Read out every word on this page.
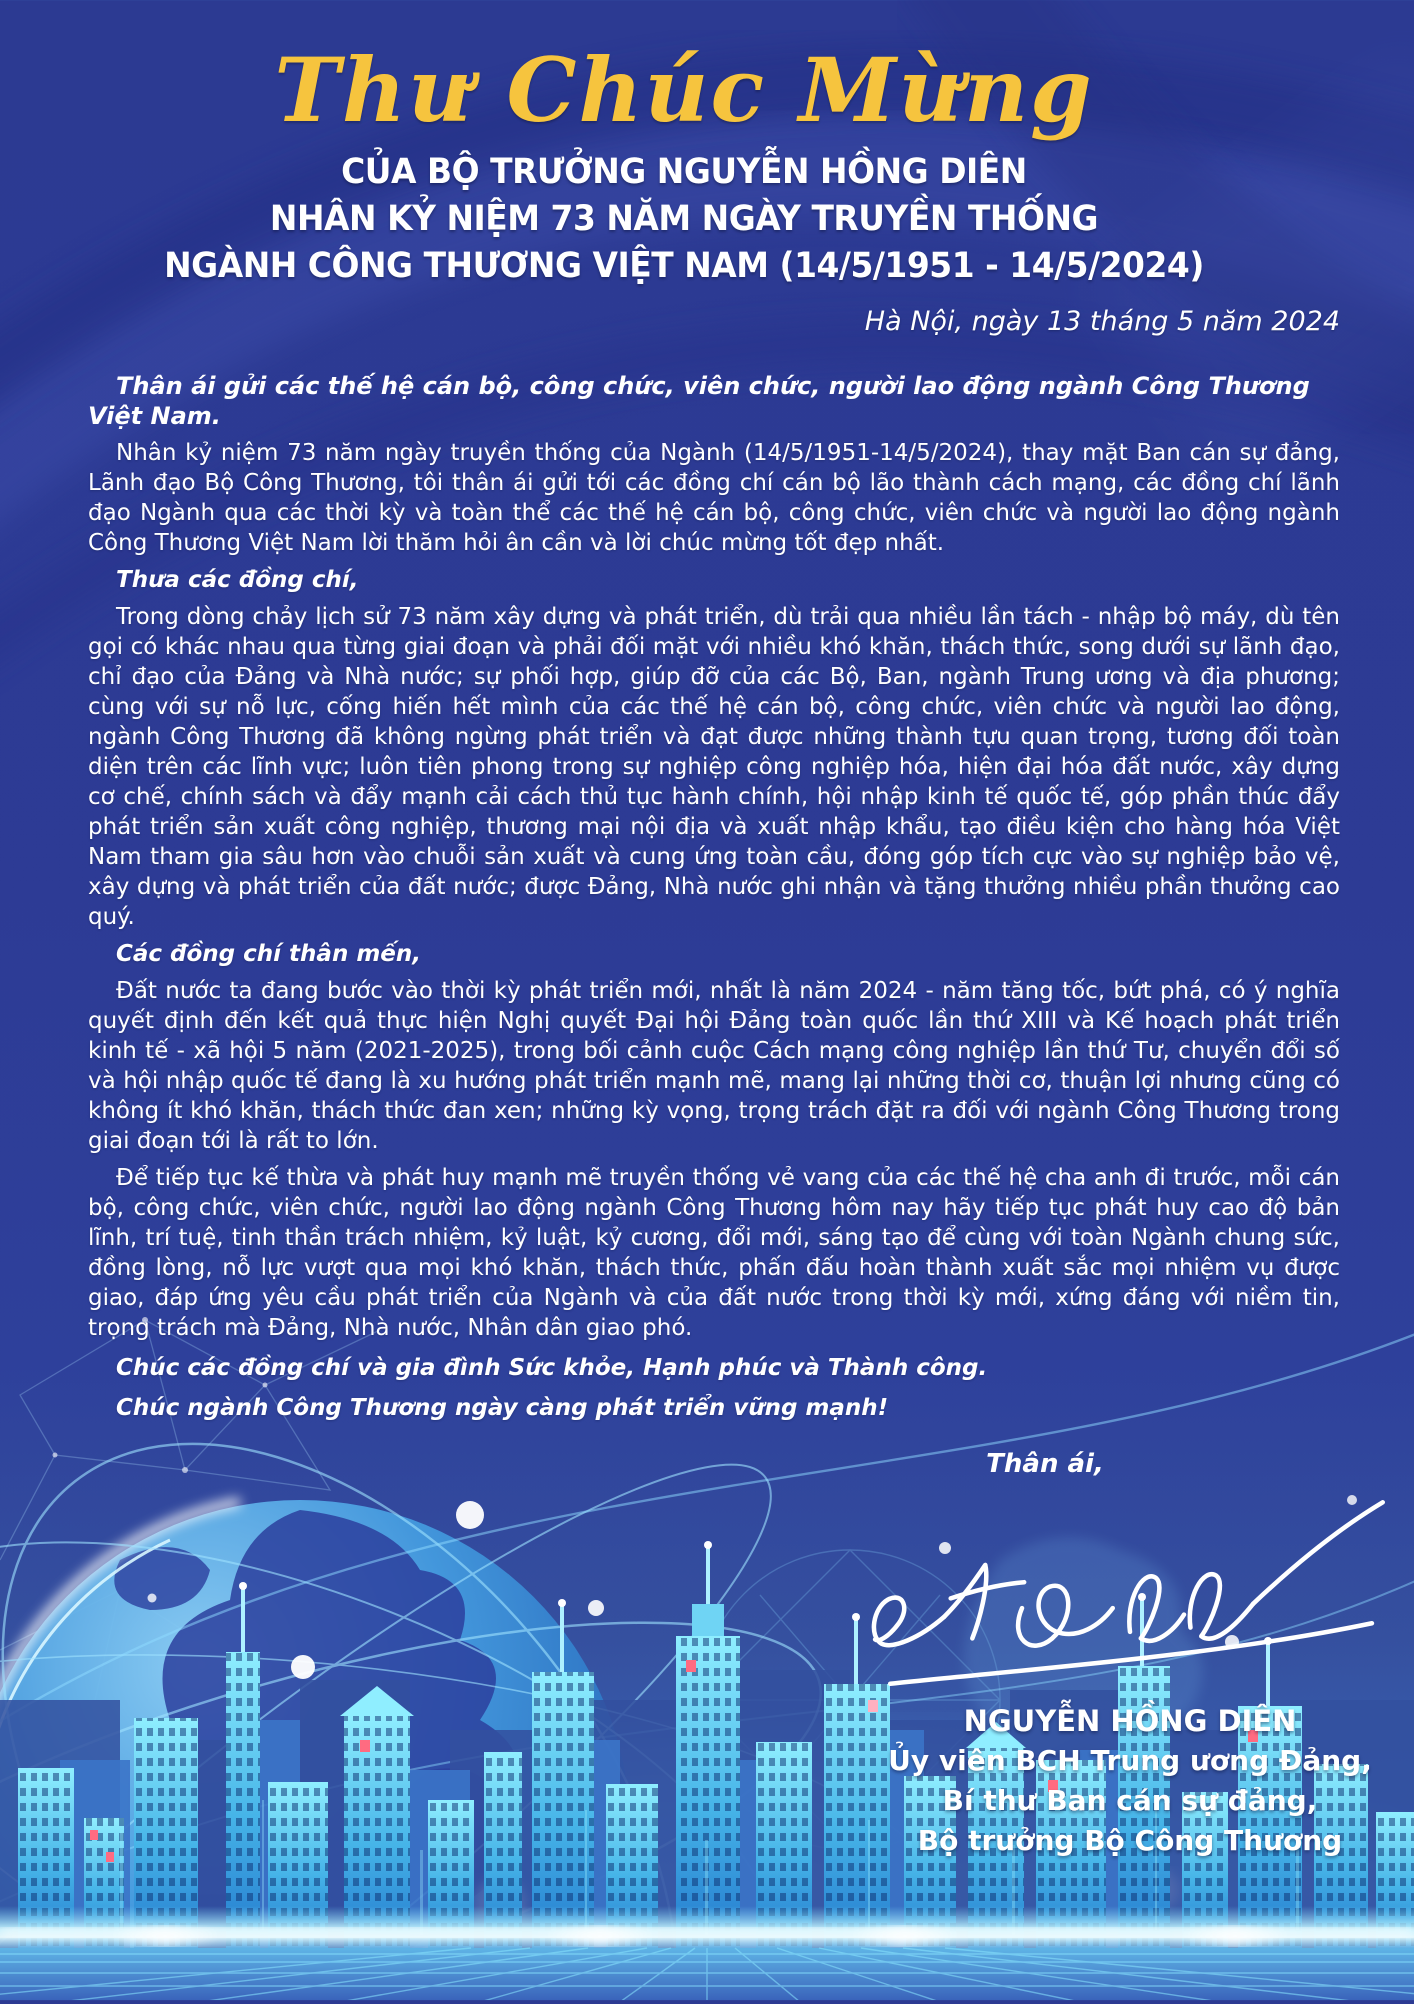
Thư Chúc Mừng
CỦA BỘ TRƯỞNG NGUYỄN HỒNG DIÊN
NHÂN KỶ NIỆM 73 NĂM NGÀY TRUYỀN THỐNG
NGÀNH CÔNG THƯƠNG VIỆT NAM (14/5/1951 - 14/5/2024)
Hà Nội, ngày 13 tháng 5 năm 2024
Thân ái gửi các thế hệ cán bộ, công chức, viên chức, người lao động ngành Công Thương Việt Nam.

Nhân kỷ niệm 73 năm ngày truyền thống của Ngành (14/5/1951-14/5/2024), thay mặt Ban cán sự đảng, Lãnh đạo Bộ Công Thương, tôi thân ái gửi tới các đồng chí cán bộ lão thành cách mạng, các đồng chí lãnh đạo Ngành qua các thời kỳ và toàn thể các thế hệ cán bộ, công chức, viên chức và người lao động ngành Công Thương Việt Nam lời thăm hỏi ân cần và lời chúc mừng tốt đẹp nhất.

Thưa các đồng chí,

Trong dòng chảy lịch sử 73 năm xây dựng và phát triển, dù trải qua nhiều lần tách - nhập bộ máy, dù tên gọi có khác nhau qua từng giai đoạn và phải đối mặt với nhiều khó khăn, thách thức, song dưới sự lãnh đạo, chỉ đạo của Đảng và Nhà nước; sự phối hợp, giúp đỡ của các Bộ, Ban, ngành Trung ương và địa phương; cùng với sự nỗ lực, cống hiến hết mình của các thế hệ cán bộ, công chức, viên chức và người lao động, ngành Công Thương đã không ngừng phát triển và đạt được những thành tựu quan trọng, tương đối toàn diện trên các lĩnh vực; luôn tiên phong trong sự nghiệp công nghiệp hóa, hiện đại hóa đất nước, xây dựng cơ chế, chính sách và đẩy mạnh cải cách thủ tục hành chính, hội nhập kinh tế quốc tế, góp phần thúc đẩy phát triển sản xuất công nghiệp, thương mại nội địa và xuất nhập khẩu, tạo điều kiện cho hàng hóa Việt Nam tham gia sâu hơn vào chuỗi sản xuất và cung ứng toàn cầu, đóng góp tích cực vào sự nghiệp bảo vệ, xây dựng và phát triển của đất nước; được Đảng, Nhà nước ghi nhận và tặng thưởng nhiều phần thưởng cao quý.

Các đồng chí thân mến,

Đất nước ta đang bước vào thời kỳ phát triển mới, nhất là năm 2024 - năm tăng tốc, bứt phá, có ý nghĩa quyết định đến kết quả thực hiện Nghị quyết Đại hội Đảng toàn quốc lần thứ XIII và Kế hoạch phát triển kinh tế - xã hội 5 năm (2021-2025), trong bối cảnh cuộc Cách mạng công nghiệp lần thứ Tư, chuyển đổi số và hội nhập quốc tế đang là xu hướng phát triển mạnh mẽ, mang lại những thời cơ, thuận lợi nhưng cũng có không ít khó khăn, thách thức đan xen; những kỳ vọng, trọng trách đặt ra đối với ngành Công Thương trong giai đoạn tới là rất to lớn.

Để tiếp tục kế thừa và phát huy mạnh mẽ truyền thống vẻ vang của các thế hệ cha anh đi trước, mỗi cán bộ, công chức, viên chức, người lao động ngành Công Thương hôm nay hãy tiếp tục phát huy cao độ bản lĩnh, trí tuệ, tinh thần trách nhiệm, kỷ luật, kỷ cương, đổi mới, sáng tạo để cùng với toàn Ngành chung sức, đồng lòng, nỗ lực vượt qua mọi khó khăn, thách thức, phấn đấu hoàn thành xuất sắc mọi nhiệm vụ được giao, đáp ứng yêu cầu phát triển của Ngành và của đất nước trong thời kỳ mới, xứng đáng với niềm tin, trọng trách mà Đảng, Nhà nước, Nhân dân giao phó.

Chúc các đồng chí và gia đình Sức khỏe, Hạnh phúc và Thành công.

Chúc ngành Công Thương ngày càng phát triển vững mạnh!

Thân ái,
NGUYỄN HỒNG DIÊN
Ủy viên BCH Trung ương Đảng,
Bí thư Ban cán sự đảng,
Bộ trưởng Bộ Công Thương
